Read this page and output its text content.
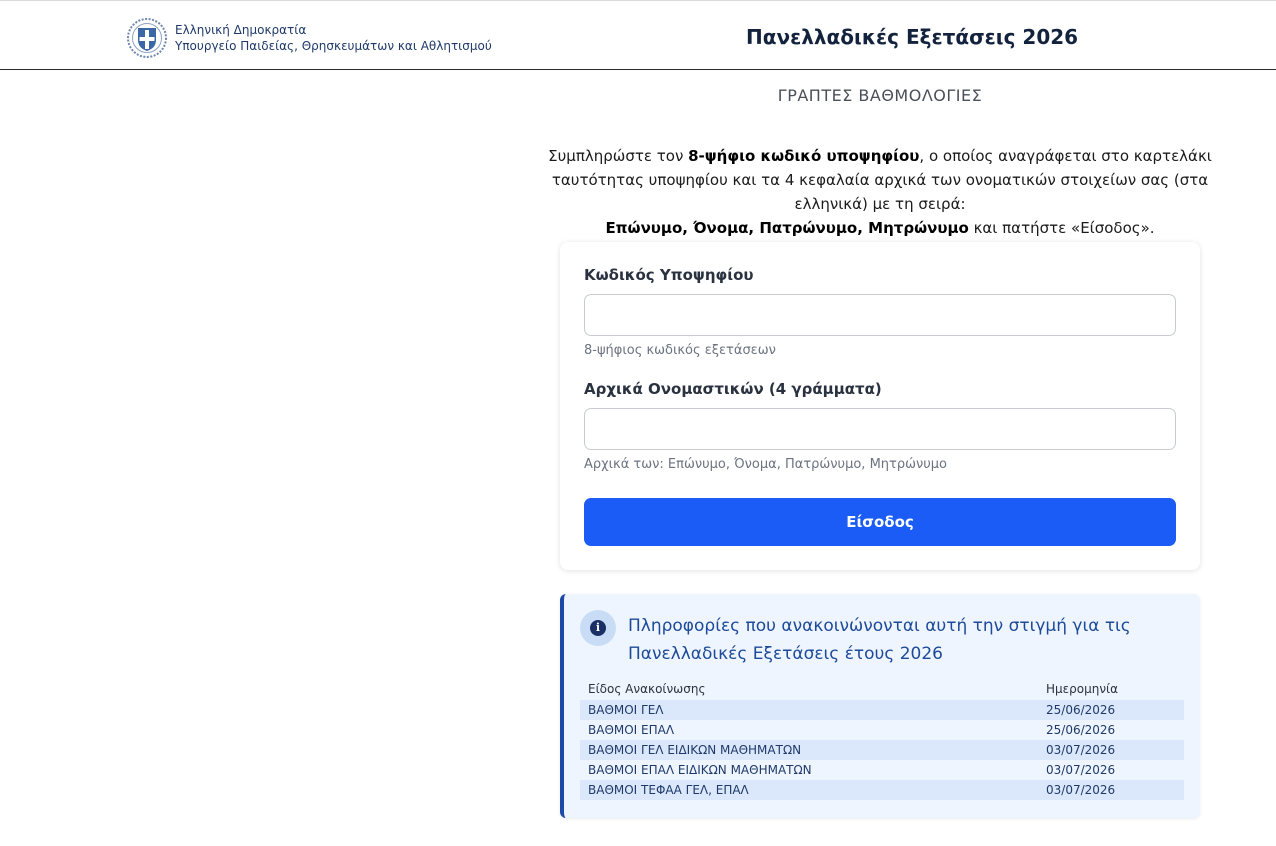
Ελληνική Δημοκρατία
Υπουργείο Παιδείας, Θρησκευμάτων και Αθλητισμού	Πανελλαδικές Εξετάσεις 2026
ΓΡΑΠΤΕΣ ΒΑΘΜΟΛΟΓΙΕΣ

Συμπληρώστε τον 8-ψήφιο κωδικό υποψηφίου, ο οποίος αναγράφεται στο καρτελάκι ταυτότητας υποψηφίου και τα 4 κεφαλαία αρχικά των ονοματικών στοιχείων σας (στα ελληνικά) με τη σειρά:
Επώνυμο, Όνομα, Πατρώνυμο, Μητρώνυμο και πατήστε «Είσοδος».

Κωδικός Υποψηφίου
8-ψήφιος κωδικός εξετάσεων
Αρχικά Ονομαστικών (4 γράμματα)
Αρχικά των: Επώνυμο, Όνομα, Πατρώνυμο, Μητρώνυμο
Είσοδος
i	Πληροφορίες που ανακοινώνονται αυτή την στιγμή για τις Πανελλαδικές Εξετάσεις έτους 2026
Είδος Ανακοίνωσης	Ημερομηνία
ΒΑΘΜΟΙ ΓΕΛ	25/06/2026
ΒΑΘΜΟΙ ΕΠΑΛ	25/06/2026
ΒΑΘΜΟΙ ΓΕΛ ΕΙΔΙΚΩΝ ΜΑΘΗΜΑΤΩΝ	03/07/2026
ΒΑΘΜΟΙ ΕΠΑΛ ΕΙΔΙΚΩΝ ΜΑΘΗΜΑΤΩΝ	03/07/2026
ΒΑΘΜΟΙ ΤΕΦΑΑ ΓΕΛ, ΕΠΑΛ	03/07/2026
